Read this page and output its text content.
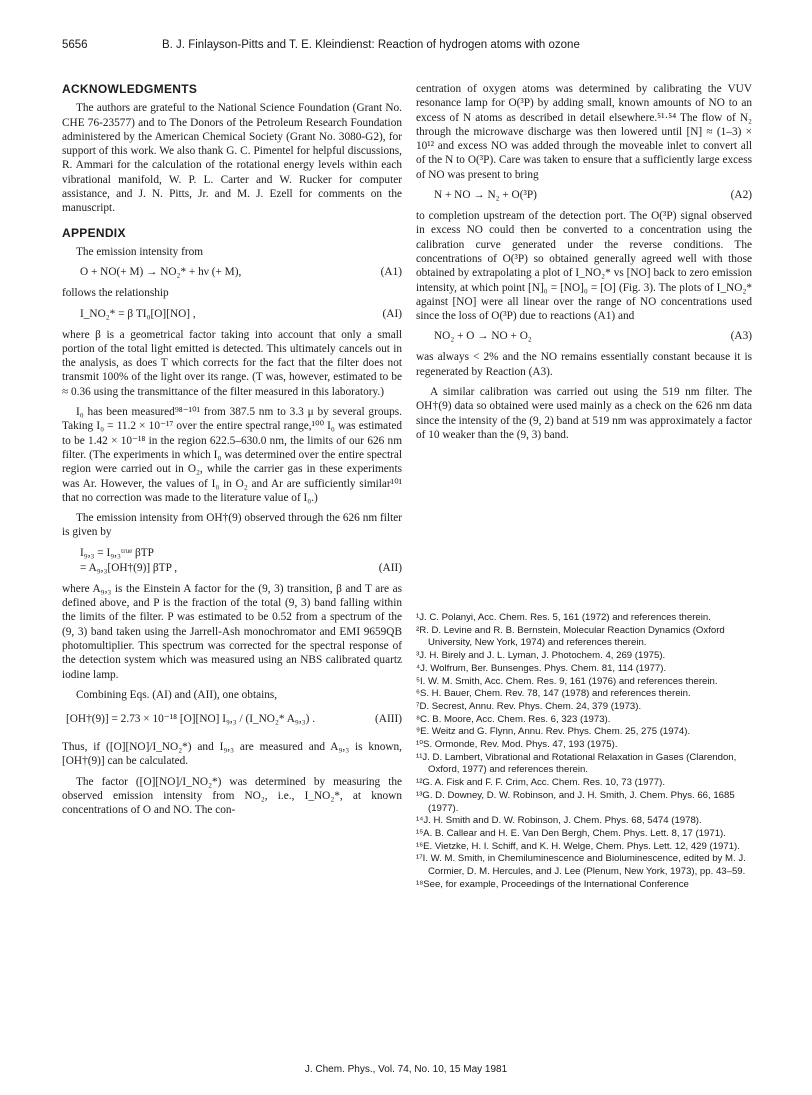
5656	B. J. Finlayson-Pitts and T. E. Kleindienst: Reaction of hydrogen atoms with ozone
ACKNOWLEDGMENTS

The authors are grateful to the National Science Foundation (Grant No. CHE 76-23577) and to The Donors of the Petroleum Research Foundation administered by the American Chemical Society (Grant No. 3080-G2), for support of this work. We also thank G. C. Pimentel for helpful discussions, R. Ammari for the calculation of the rotational energy levels within each vibrational manifold, W. P. L. Carter and W. Rucker for computer assistance, and J. N. Pitts, Jr. and M. J. Ezell for comments on the manuscript.

APPENDIX

The emission intensity from

O + NO(+ M) → NO₂* + hν (+ M),	(A1)

follows the relationship

I_NO₂* = β TI₀[O][NO] ,	(AI)

where β is a geometrical factor taking into account that only a small portion of the total light emitted is detected. This ultimately cancels out in the analysis, as does T which corrects for the fact that the filter does not transmit 100% of the light over its range. (T was, however, estimated to be ≈ 0.36 using the transmittance of the filter measured in this laboratory.)

I₀ has been measured⁹⁸⁻¹⁰¹ from 387.5 nm to 3.3 μ by several groups. Taking I₀ = 11.2 × 10⁻¹⁷ over the entire spectral range,¹⁰⁰ I₀ was estimated to be 1.42 × 10⁻¹⁸ in the region 622.5–630.0 nm, the limits of our 626 nm filter. (The experiments in which I₀ was determined over the entire spectral region were carried out in O₂, while the carrier gas in these experiments was Ar. However, the values of I₀ in O₂ and Ar are sufficiently similar¹⁰¹ that no correction was made to the literature value of I₀.)

The emission intensity from OH†(9) observed through the 626 nm filter is given by

I₉,₃ = I₉,₃ᵗʳᵘᵉ βTP
= A₉,₃[OH†(9)] βTP ,	(AII)

where A₉,₃ is the Einstein A factor for the (9, 3) transition, β and T are as defined above, and P is the fraction of the total (9, 3) band falling within the limits of the filter. P was estimated to be 0.52 from a spectrum of the (9, 3) band taken using the Jarrell-Ash monochromator and EMI 9659QB photomultiplier. This spectrum was corrected for the spectral response of the detection system which was measured using an NBS calibrated quartz iodine lamp.

Combining Eqs. (AI) and (AII), one obtains,

[OH†(9)] = 2.73 × 10⁻¹⁸ [O][NO] I₉,₃ / (I_NO₂* A₉,₃) .	(AIII)

Thus, if ([O][NO]/I_NO₂*) and I₉,₃ are measured and A₉,₃ is known, [OH†(9)] can be calculated.

The factor ([O][NO]/I_NO₂*) was determined by measuring the observed emission intensity from NO₂, i.e., I_NO₂*, at known concentrations of O and NO. The con-

centration of oxygen atoms was determined by calibrating the VUV resonance lamp for O(³P) by adding small, known amounts of NO to an excess of N atoms as described in detail elsewhere.⁵¹·⁵⁴ The flow of N₂ through the microwave discharge was then lowered until [N] ≈ (1–3) × 10¹² and excess NO was added through the moveable inlet to convert all of the N to O(³P). Care was taken to ensure that a sufficiently large excess of NO was present to bring

N + NO → N₂ + O(³P)	(A2)

to completion upstream of the detection port. The O(³P) signal observed in excess NO could then be converted to a concentration using the calibration curve generated under the reverse conditions. The concentrations of O(³P) so obtained generally agreed well with those obtained by extrapolating a plot of I_NO₂* vs [NO] back to zero emission intensity, at which point [N]₀ = [NO]₀ = [O] (Fig. 3). The plots of I_NO₂* against [NO] were all linear over the range of NO concentrations used since the loss of O(³P) due to reactions (A1) and

NO₂ + O → NO + O₂	(A3)

was always < 2% and the NO remains essentially constant because it is regenerated by Reaction (A3).

A similar calibration was carried out using the 519 nm filter. The OH†(9) data so obtained were used mainly as a check on the 626 nm data since the intensity of the (9, 2) band at 519 nm was approximately a factor of 10 weaker than the (9, 3) band.

¹J. C. Polanyi, Acc. Chem. Res. 5, 161 (1972) and references therein.
²R. D. Levine and R. B. Bernstein, Molecular Reaction Dynamics (Oxford University, New York, 1974) and references therein.
³J. H. Birely and J. L. Lyman, J. Photochem. 4, 269 (1975).
⁴J. Wolfrum, Ber. Bunsenges. Phys. Chem. 81, 114 (1977).
⁵I. W. M. Smith, Acc. Chem. Res. 9, 161 (1976) and references therein.
⁶S. H. Bauer, Chem. Rev. 78, 147 (1978) and references therein.
⁷D. Secrest, Annu. Rev. Phys. Chem. 24, 379 (1973).
⁸C. B. Moore, Acc. Chem. Res. 6, 323 (1973).
⁹E. Weitz and G. Flynn, Annu. Rev. Phys. Chem. 25, 275 (1974).
¹⁰S. Ormonde, Rev. Mod. Phys. 47, 193 (1975).
¹¹J. D. Lambert, Vibrational and Rotational Relaxation in Gases (Clarendon, Oxford, 1977) and references therein.
¹²G. A. Fisk and F. F. Crim, Acc. Chem. Res. 10, 73 (1977).
¹³G. D. Downey, D. W. Robinson, and J. H. Smith, J. Chem. Phys. 66, 1685 (1977).
¹⁴J. H. Smith and D. W. Robinson, J. Chem. Phys. 68, 5474 (1978).
¹⁵A. B. Callear and H. E. Van Den Bergh, Chem. Phys. Lett. 8, 17 (1971).
¹⁶E. Vietzke, H. I. Schiff, and K. H. Welge, Chem. Phys. Lett. 12, 429 (1971).
¹⁷I. W. M. Smith, in Chemiluminescence and Bioluminescence, edited by M. J. Cormier, D. M. Hercules, and J. Lee (Plenum, New York, 1973), pp. 43–59.
¹⁸See, for example, Proceedings of the International Conference
J. Chem. Phys., Vol. 74, No. 10, 15 May 1981
